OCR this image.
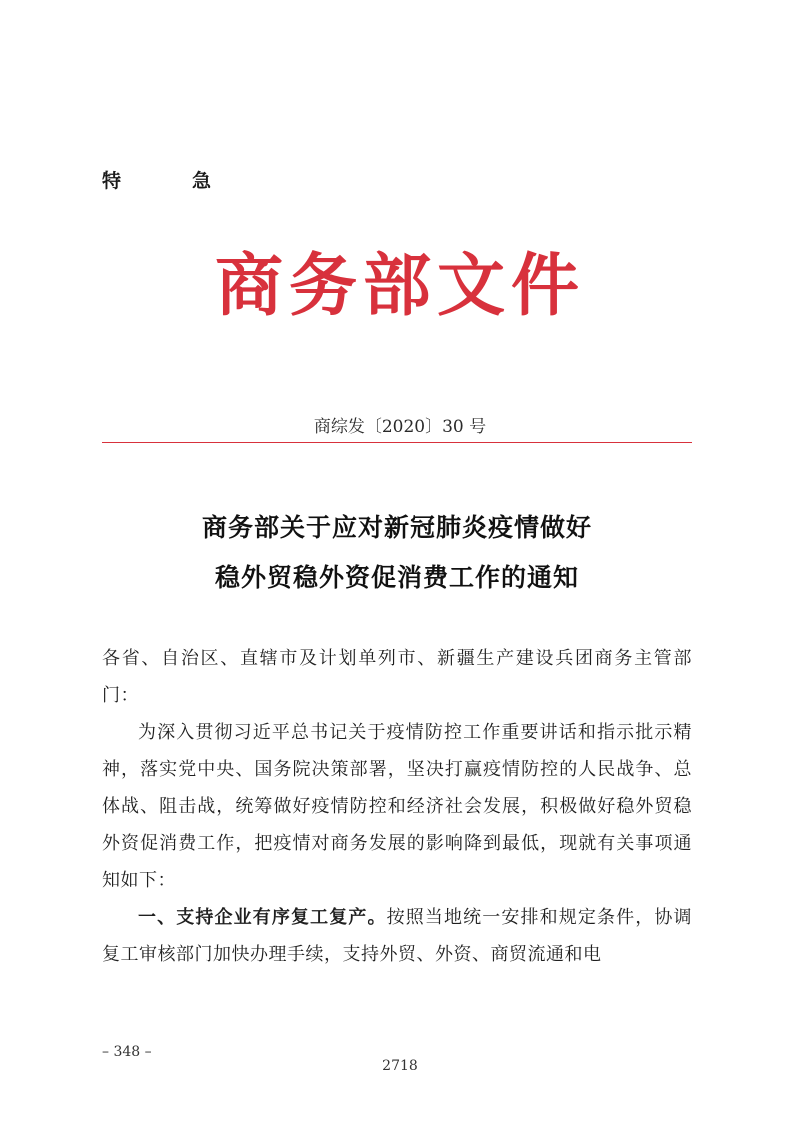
特　急
商务部文件
商综发〔2020〕30 号
商务部关于应对新冠肺炎疫情做好
稳外贸稳外资促消费工作的通知

各省、自治区、直辖市及计划单列市、新疆生产建设兵团商务主管部门：

为深入贯彻习近平总书记关于疫情防控工作重要讲话和指示批示精神，落实党中央、国务院决策部署，坚决打赢疫情防控的人民战争、总体战、阻击战，统筹做好疫情防控和经济社会发展，积极做好稳外贸稳外资促消费工作，把疫情对商务发展的影响降到最低，现就有关事项通知如下：

一、支持企业有序复工复产。按照当地统一安排和规定条件，协调复工审核部门加快办理手续，支持外贸、外资、商贸流通和电

– 348 –
2718
